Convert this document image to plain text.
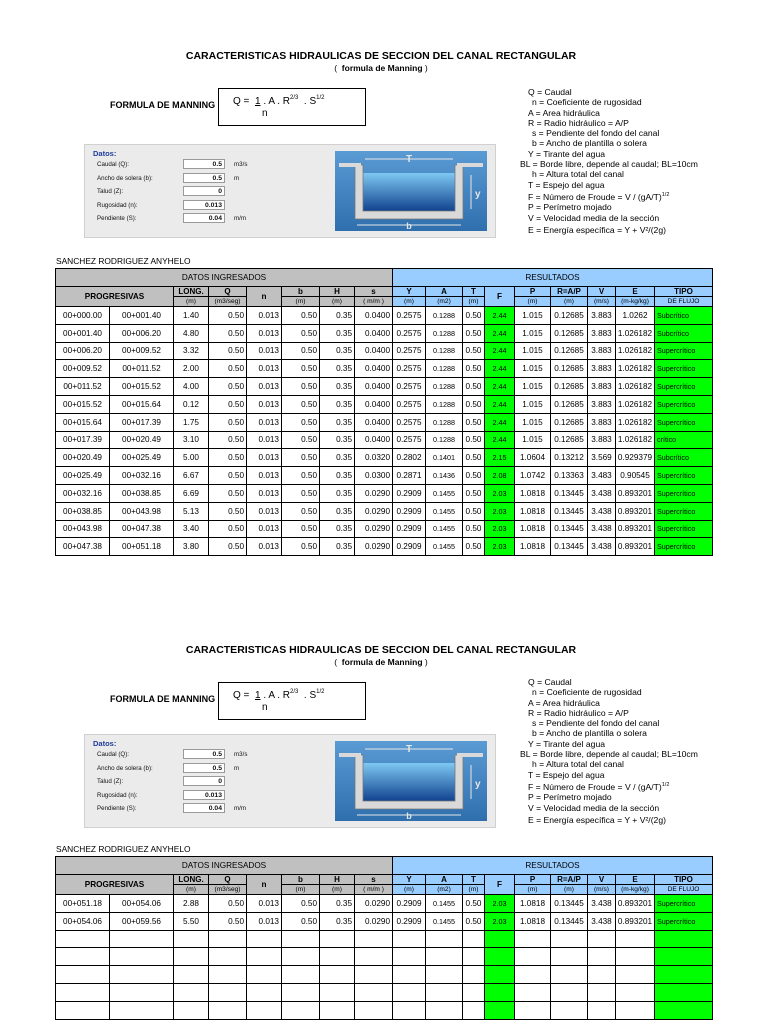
CARACTERISTICAS HIDRAULICAS DE SECCION DEL CANAL RECTANGULAR
( formula de Manning )
FORMULA DE MANNING Q = 1 . A . $R^{2/3}$ . $S^{1/2}$
n
Q = Caudal
n = Coeficiente de rugosidad
A = Area hidráulica
R = Radio hidráulico = A/P
s = Pendiente del fondo del canal
b = Ancho de plantilla o solera
Y = Tirante del agua
BL = Borde libre, depende al caudal; BL=10cm
h = Altura total del canal
T = Espejo del agua
F = Número de Froude = V / $(gA/T)^{1/2}$
P = Perímetro mojado
V = Velocidad media de la sección
E = Energía específica = Y + V²/(2g)
Datos:
Caudal (Q):	0.5	m3/s
Ancho de solera (b):	0.5	m
Talud (Z):	0
Rugosidad (n):	0.013
Pendiente (S):	0.04	m/m
T
y
b
SANCHEZ RODRIGUEZ ANYHELO
DATOS INGRESADOS								RESULTADOS								
PROGRESIVAS		LONG.	Q	n	b	H	s	Y	A	T	F	P	R=A/P	V	E	TIPO
		(m)	(m3/seg)		(m)	(m)	( m/m )	(m)	(m2)	(m)		(m)	(m)	(m/s)	(m-kg/kg)	DE FLUJO
00+000.00	00+001.40	1.40	0.50	0.013	0.50	0.35	0.0400	0.2575	0.1288	0.50	2.44	1.015	0.12685	3.883	1.0262	Subcrítico
00+001.40	00+006.20	4.80	0.50	0.013	0.50	0.35	0.0400	0.2575	0.1288	0.50	2.44	1.015	0.12685	3.883	1.026182	Subcrítico
00+006.20	00+009.52	3.32	0.50	0.013	0.50	0.35	0.0400	0.2575	0.1288	0.50	2.44	1.015	0.12685	3.883	1.026182	Supercrítico
00+009.52	00+011.52	2.00	0.50	0.013	0.50	0.35	0.0400	0.2575	0.1288	0.50	2.44	1.015	0.12685	3.883	1.026182	Supercrítico
00+011.52	00+015.52	4.00	0.50	0.013	0.50	0.35	0.0400	0.2575	0.1288	0.50	2.44	1.015	0.12685	3.883	1.026182	Supercrítico
00+015.52	00+015.64	0.12	0.50	0.013	0.50	0.35	0.0400	0.2575	0.1288	0.50	2.44	1.015	0.12685	3.883	1.026182	Supercrítico
00+015.64	00+017.39	1.75	0.50	0.013	0.50	0.35	0.0400	0.2575	0.1288	0.50	2.44	1.015	0.12685	3.883	1.026182	Supercrítico
00+017.39	00+020.49	3.10	0.50	0.013	0.50	0.35	0.0400	0.2575	0.1288	0.50	2.44	1.015	0.12685	3.883	1.026182	crítico
00+020.49	00+025.49	5.00	0.50	0.013	0.50	0.35	0.0320	0.2802	0.1401	0.50	2.15	1.0604	0.13212	3.569	0.929379	Subcrítico
00+025.49	00+032.16	6.67	0.50	0.013	0.50	0.35	0.0300	0.2871	0.1436	0.50	2.08	1.0742	0.13363	3.483	0.90545	Supercrítico
00+032.16	00+038.85	6.69	0.50	0.013	0.50	0.35	0.0290	0.2909	0.1455	0.50	2.03	1.0818	0.13445	3.438	0.893201	Supercrítico
00+038.85	00+043.98	5.13	0.50	0.013	0.50	0.35	0.0290	0.2909	0.1455	0.50	2.03	1.0818	0.13445	3.438	0.893201	Supercrítico
00+043.98	00+047.38	3.40	0.50	0.013	0.50	0.35	0.0290	0.2909	0.1455	0.50	2.03	1.0818	0.13445	3.438	0.893201	Supercrítico
00+047.38	00+051.18	3.80	0.50	0.013	0.50	0.35	0.0290	0.2909	0.1455	0.50	2.03	1.0818	0.13445	3.438	0.893201	Supercrítico
CARACTERISTICAS HIDRAULICAS DE SECCION DEL CANAL RECTANGULAR
( formula de Manning )
FORMULA DE MANNING Q = 1 . A . $R^{2/3}$ . $S^{1/2}$
n
Q = Caudal
n = Coeficiente de rugosidad
A = Area hidráulica
R = Radio hidráulico = A/P
s = Pendiente del fondo del canal
b = Ancho de plantilla o solera
Y = Tirante del agua
BL = Borde libre, depende al caudal; BL=10cm
h = Altura total del canal
T = Espejo del agua
F = Número de Froude = V / $(gA/T)^{1/2}$
P = Perímetro mojado
V = Velocidad media de la sección
E = Energía específica = Y + V²/(2g)
Datos:
Caudal (Q):	0.5	m3/s
Ancho de solera (b):	0.5	m
Talud (Z):	0
Rugosidad (n):	0.013
Pendiente (S):	0.04	m/m
T
y
b
SANCHEZ RODRIGUEZ ANYHELO
DATOS INGRESADOS								RESULTADOS								
PROGRESIVAS		LONG.	Q	n	b	H	s	Y	A	T	F	P	R=A/P	V	E	TIPO
		(m)	(m3/seg)		(m)	(m)	( m/m )	(m)	(m2)	(m)		(m)	(m)	(m/s)	(m-kg/kg)	DE FLUJO
00+051.18	00+054.06	2.88	0.50	0.013	0.50	0.35	0.0290	0.2909	0.1455	0.50	2.03	1.0818	0.13445	3.438	0.893201	Supercrítico
00+054.06	00+059.56	5.50	0.50	0.013	0.50	0.35	0.0290	0.2909	0.1455	0.50	2.03	1.0818	0.13445	3.438	0.893201	Supercrítico
